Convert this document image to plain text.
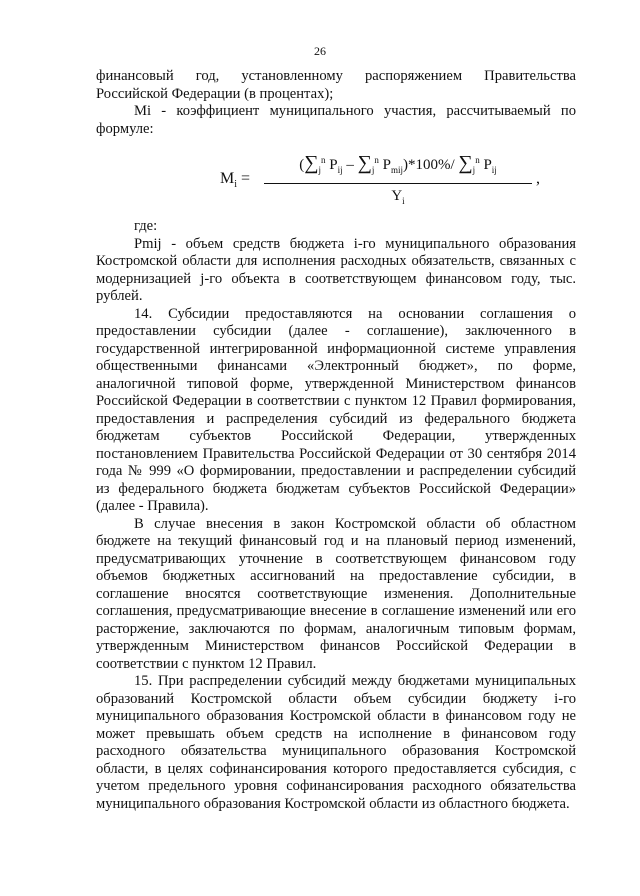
26

финансовый год, установленному распоряжением Правительства Российской Федерации (в процентах);

Mi - коэффициент муниципального участия, рассчитываемый по формуле:

$M_i$ =
($\sum_j^n$ $P_{ij} - \sum_j^n$ $P_{mij})*100\%/$ $\sum_j^n$ $P_{ij}$
$Y_i$
,

где:

Pmij - объем средств бюджета i-го муниципального образования Костромской области для исполнения расходных обязательств, связанных с модернизацией j-го объекта в соответствующем финансовом году, тыс. рублей.

14. Субсидии предоставляются на основании соглашения о предоставлении субсидии (далее - соглашение), заключенного в государственной интегрированной информационной системе управления общественными финансами «Электронный бюджет», по форме, аналогичной типовой форме, утвержденной Министерством финансов Российской Федерации в соответствии с пунктом 12 Правил формирования, предоставления и распределения субсидий из федерального бюджета бюджетам субъектов Российской Федерации, утвержденных постановлением Правительства Российской Федерации от 30 сентября 2014 года № 999 «О формировании, предоставлении и распределении субсидий из федерального бюджета бюджетам субъектов Российской Федерации» (далее - Правила).

В случае внесения в закон Костромской области об областном бюджете на текущий финансовый год и на плановый период изменений, предусматривающих уточнение в соответствующем финансовом году объемов бюджетных ассигнований на предоставление субсидии, в соглашение вносятся соответствующие изменения. Дополнительные соглашения, предусматривающие внесение в соглашение изменений или его расторжение, заключаются по формам, аналогичным типовым формам, утвержденным Министерством финансов Российской Федерации в соответствии с пунктом 12 Правил.

15. При распределении субсидий между бюджетами муниципальных образований Костромской области объем субсидии бюджету i-го муниципального образования Костромской области в финансовом году не может превышать объем средств на исполнение в финансовом году расходного обязательства муниципального образования Костромской области, в целях софинансирования которого предоставляется субсидия, с учетом предельного уровня софинансирования расходного обязательства муниципального образования Костромской области из областного бюджета.
